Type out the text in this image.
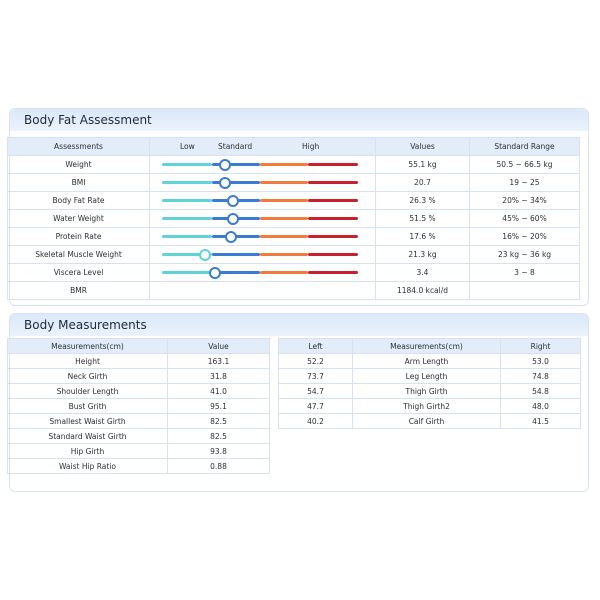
Body Fat Assessment
Assessments	Low Standard High	Values	Standard Range
Weight		55.1 kg	50.5 ~ 66.5 kg
BMI		20.7	19 ~ 25
Body Fat Rate		26.3 %	20% ~ 34%
Water Weight		51.5 %	45% ~ 60%
Protein Rate		17.6 %	16% ~ 20%
Skeletal Muscle Weight		21.3 kg	23 kg ~ 36 kg
Viscera Level		3.4	3 ~ 8
BMR		1184.0 kcal/d	
Body Measurements
Measurements(cm)	Value
Height	163.1
Neck Girth	31.8
Shoulder Length	41.0
Bust Grith	95.1
Smallest Waist Girth	82.5
Standard Waist Girth	82.5
Hip Girth	93.8
Waist Hip Ratio	0.88
Left	Measurements(cm)	Right
52.2	Arm Length	53.0
73.7	Leg Length	74.8
54.7	Thigh Girth	54.8
47.7	Thigh Girth2	48.0
40.2	Calf Girth	41.5
